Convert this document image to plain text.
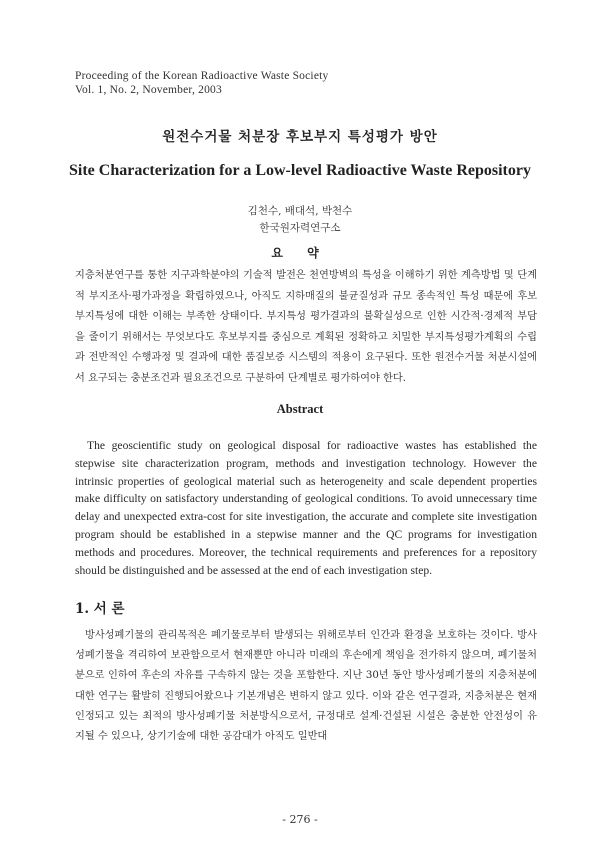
Proceeding of the Korean Radioactive Waste Society
Vol. 1, No. 2, November, 2003
원전수거물 처분장 후보부지 특성평가 방안
Site Characterization for a Low-level Radioactive Waste Repository
김천수, 배대석, 박천수
한국원자력연구소
요 약

지층처분연구를 통한 지구과학분야의 기술적 발전은 천연방벽의 특성을 이해하기 위한 계측방법 및 단계적 부지조사·평가과정을 확립하였으나, 아직도 지하매질의 불균질성과 규모 종속적인 특성 때문에 후보부지특성에 대한 이해는 부족한 상태이다. 부지특성 평가결과의 불확실성으로 인한 시간적·경제적 부담을 줄이기 위해서는 무엇보다도 후보부지를 중심으로 계획된 정확하고 치밀한 부지특성평가계획의 수립과 전반적인 수행과정 및 결과에 대한 품질보증 시스템의 적용이 요구된다. 또한 원전수거물 처분시설에서 요구되는 충분조건과 필요조건으로 구분하여 단계별로 평가하여야 한다.

Abstract

The geoscientific study on geological disposal for radioactive wastes has established the stepwise site characterization program, methods and investigation technology. However the intrinsic properties of geological material such as heterogeneity and scale dependent properties make difficulty on satisfactory understanding of geological conditions. To avoid unnecessary time delay and unexpected extra-cost for site investigation, the accurate and complete site investigation program should be established in a stepwise manner and the QC programs for investigation methods and procedures. Moreover, the technical requirements and preferences for a repository should be distinguished and be assessed at the end of each investigation step.

1. 서 론

방사성폐기물의 관리목적은 폐기물로부터 발생되는 위해로부터 인간과 환경을 보호하는 것이다. 방사성폐기물을 격리하여 보관함으로서 현재뿐만 아니라 미래의 후손에게 책임을 전가하지 않으며, 폐기물처분으로 인하여 후손의 자유를 구속하지 않는 것을 포함한다. 지난 30년 동안 방사성폐기물의 지층처분에 대한 연구는 활발히 진행되어왔으나 기본개념은 변하지 않고 있다. 이와 같은 연구결과, 지층처분은 현재 인정되고 있는 최적의 방사성폐기물 처분방식으로서, 규정대로 설계·건설된 시설은 충분한 안전성이 유지될 수 있으나, 상기기술에 대한 공감대가 아직도 일반대

- 276 -
